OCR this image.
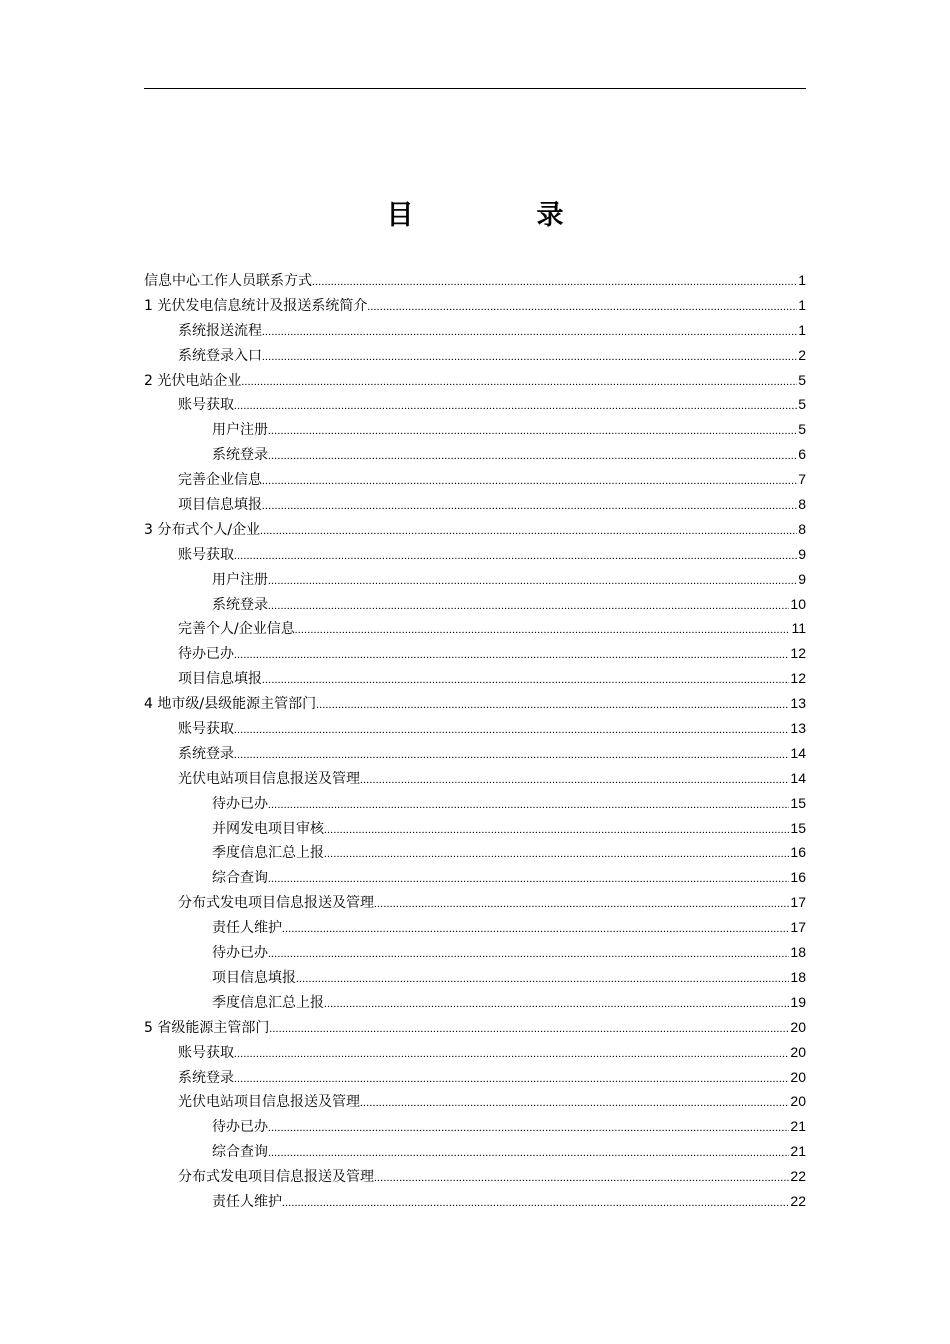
目　录
信息中心工作人员联系方式 .....	1
1 光伏发电信息统计及报送系统简介 .....	1
系统报送流程 .....	1
系统登录入口 .....	2
2 光伏电站企业 .....	5
账号获取 .....	5
用户注册 .....	5
系统登录 .....	6
完善企业信息 .....	7
项目信息填报 .....	8
3 分布式个人/企业 .....	8
账号获取 .....	9
用户注册 .....	9
系统登录 .....	10
完善个人/企业信息 .....	11
待办已办 .....	12
项目信息填报 .....	12
4 地市级/县级能源主管部门 .....	13
账号获取 .....	13
系统登录 .....	14
光伏电站项目信息报送及管理 .....	14
待办已办 .....	15
并网发电项目审核 .....	15
季度信息汇总上报 .....	16
综合查询 .....	16
分布式发电项目信息报送及管理 .....	17
责任人维护 .....	17
待办已办 .....	18
项目信息填报 .....	18
季度信息汇总上报 .....	19
5 省级能源主管部门 .....	20
账号获取 .....	20
系统登录 .....	20
光伏电站项目信息报送及管理 .....	20
待办已办 .....	21
综合查询 .....	21
分布式发电项目信息报送及管理 .....	22
责任人维护 .....	22
